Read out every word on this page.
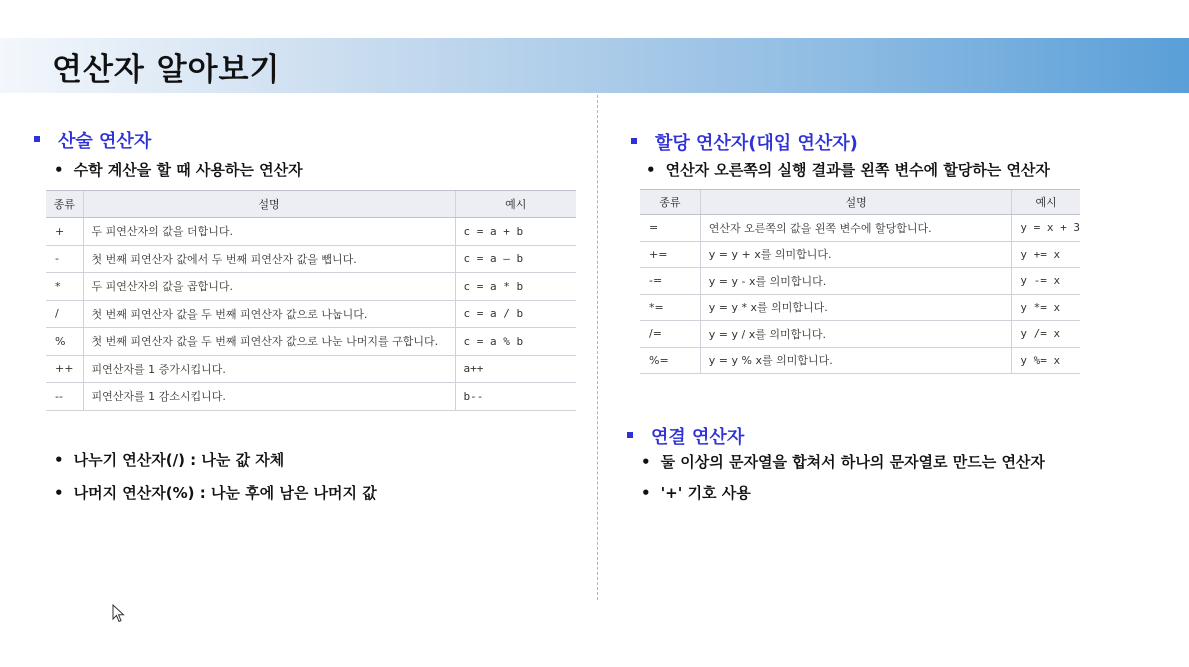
연산자 알아보기
산술 연산자

• 수학 계산을 할 때 사용하는 연산자

종류	설명	예시
+	두 피연산자의 값을 더합니다.	c = a + b
-	첫 번째 피연산자 값에서 두 번째 피연산자 값을 뺍니다.	c = a – b
*	두 피연산자의 값을 곱합니다.	c = a * b
/	첫 번째 피연산자 값을 두 번째 피연산자 값으로 나눕니다.	c = a / b
%	첫 번째 피연산자 값을 두 번째 피연산자 값으로 나눈 나머지를 구합니다.	c = a % b
++	피연산자를 1 증가시킵니다.	a++
--	피연산자를 1 감소시킵니다.	b--

• 나누기 연산자(/) : 나눈 값 자체

• 나머지 연산자(%) : 나눈 후에 남은 나머지 값

할당 연산자(대입 연산자)

• 연산자 오른쪽의 실행 결과를 왼쪽 변수에 할당하는 연산자

종류	설명	예시
=	연산자 오른쪽의 값을 왼쪽 변수에 할당합니다.	y = x + 3
+=	y = y + x를 의미합니다.	y += x
-=	y = y - x를 의미합니다.	y -= x
*=	y = y * x를 의미합니다.	y *= x
/=	y = y / x를 의미합니다.	y /= x
%=	y = y % x를 의미합니다.	y %= x
연결 연산자

• 둘 이상의 문자열을 합쳐서 하나의 문자열로 만드는 연산자

• '+' 기호 사용
